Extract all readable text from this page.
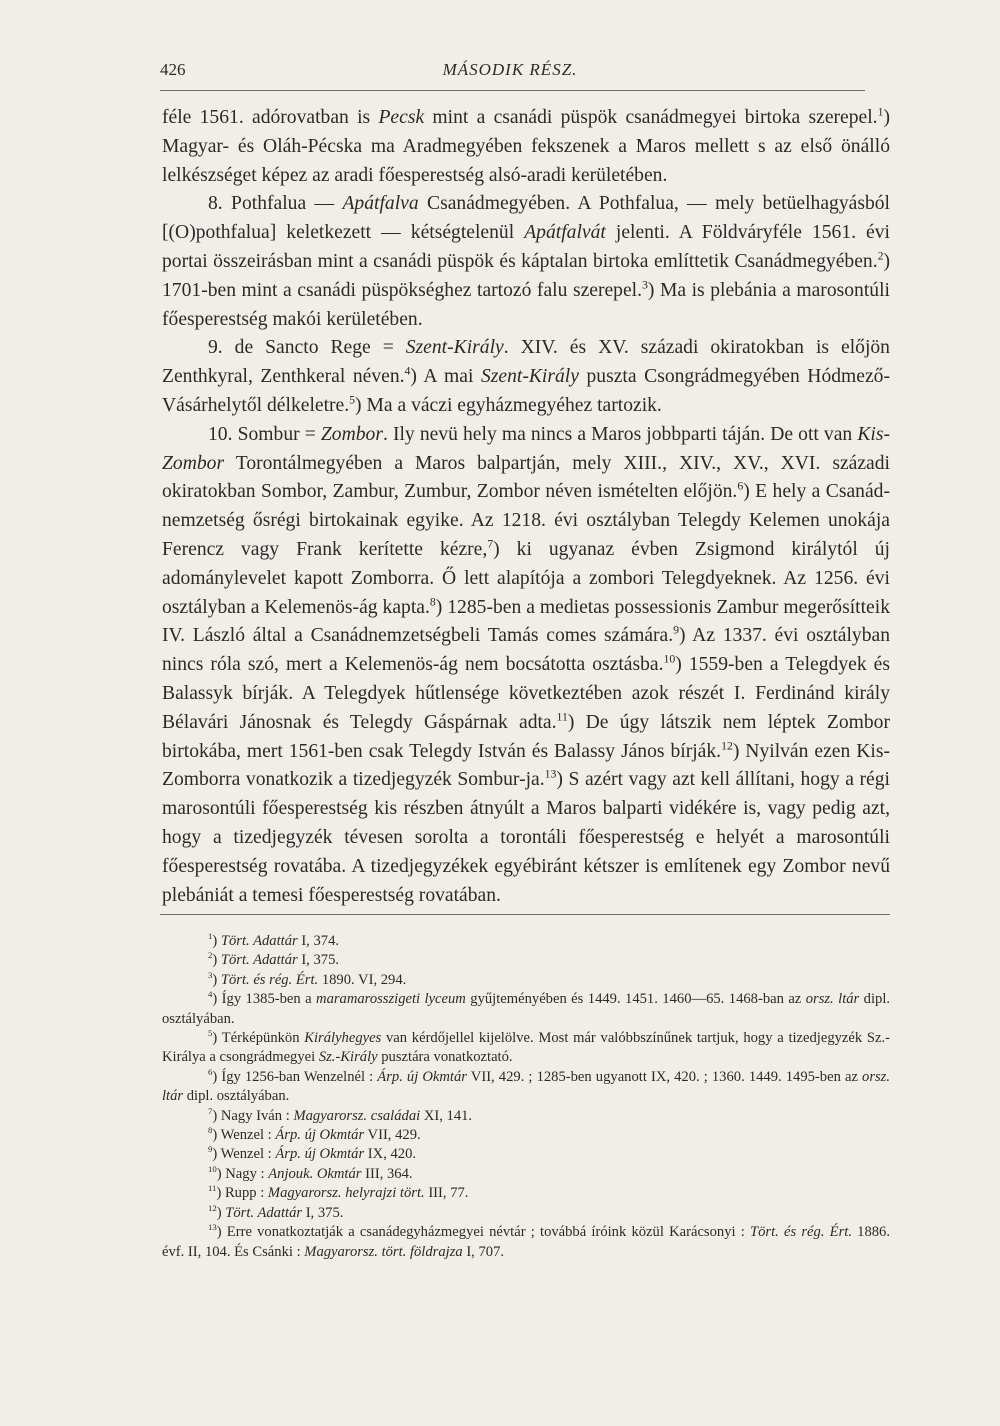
426	MÁSODIK RÉSZ.

féle 1561. adórovatban is Pecsk mint a csanádi püspök csanádmegyei birtoka szerepel.$^1$) Magyar- és Oláh-Pécska ma Aradmegyében fekszenek a Maros mellett s az első önálló lelkészséget képez az aradi főesperestség alsó-aradi kerületében.

8. Pothfalua — Apátfalva Csanádmegyében. A Pothfalua, — mely betüelhagyásból [(O)pothfalua] keletkezett — kétségtelenül Apátfalvát jelenti. A Földváryféle 1561. évi portai összeirásban mint a csanádi püspök és káptalan birtoka említtetik Csanádmegyében.$^2$) 1701-ben mint a csanádi püspökséghez tartozó falu szerepel.$^3$) Ma is plebánia a marosontúli főesperestség makói kerületében.

9. de Sancto Rege = Szent-Király. XIV. és XV. századi okiratokban is előjön Zenthkyral, Zenthkeral néven.$^4$) A mai Szent-Király puszta Csongrádmegyében Hódmező-Vásárhelytől délkeletre.$^5$) Ma a váczi egyházmegyéhez tartozik.

10. Sombur = Zombor. Ily nevü hely ma nincs a Maros jobbparti táján. De ott van Kis-Zombor Torontálmegyében a Maros balpartján, mely XIII., XIV., XV., XVI. századi okiratokban Sombor, Zambur, Zumbur, Zombor néven ismételten előjön.$^6$) E hely a Csanád-nemzetség ősrégi birtokainak egyike. Az 1218. évi osztályban Telegdy Kelemen unokája Ferencz vagy Frank kerítette kézre,$^7$) ki ugyanaz évben Zsigmond királytól új adománylevelet kapott Zomborra. Ő lett alapítója a zombori Telegdyeknek. Az 1256. évi osztályban a Kelemenös-ág kapta.$^8$) 1285-ben a medietas possessionis Zambur megerősítteik IV. László által a Csanádnemzetségbeli Tamás comes számára.$^9$) Az 1337. évi osztályban nincs róla szó, mert a Kelemenös-ág nem bocsátotta osztásba.$^{10}$) 1559-ben a Telegdyek és Balassyk bírják. A Telegdyek hűtlensége következtében azok részét I. Ferdinánd király Bélavári Jánosnak és Telegdy Gáspárnak adta.$^{11}$) De úgy látszik nem léptek Zombor birtokába, mert 1561-ben csak Telegdy István és Balassy János bírják.$^{12}$) Nyilván ezen Kis-Zomborra vonatkozik a tizedjegyzék Sombur-ja.$^{13}$) S azért vagy azt kell állítani, hogy a régi marosontúli főesperestség kis részben átnyúlt a Maros balparti vidékére is, vagy pedig azt, hogy a tizedjegyzék tévesen sorolta a torontáli főesperestség e helyét a marosontúli főesperestség rovatába. A tizedjegyzékek egyébiránt kétszer is említenek egy Zombor nevű plebániát a temesi főesperestség rovatában.

$^1$) Tört. Adattár I, 374.

$^2$) Tört. Adattár I, 375.

$^3$) Tört. és rég. Ért. 1890. VI, 294.

$^4$) Így 1385-ben a maramarosszigeti lyceum gyűjteményében és 1449. 1451. 1460—65. 1468-ban az orsz. ltár dipl. osztályában.

$^5$) Térképünkön Királyhegyes van kérdőjellel kijelölve. Most már valóbbszínűnek tartjuk, hogy a tizedjegyzék Sz.-Királya a csongrádmegyei Sz.-Király pusztára vonatkoztató.

$^6$) Így 1256-ban Wenzelnél : Árp. új Okmtár VII, 429. ; 1285-ben ugyanott IX, 420. ; 1360. 1449. 1495-ben az orsz. ltár dipl. osztályában.

$^7$) Nagy Iván : Magyarorsz. családai XI, 141.

$^8$) Wenzel : Árp. új Okmtár VII, 429.

$^9$) Wenzel : Árp. új Okmtár IX, 420.

$^{10}$) Nagy : Anjouk. Okmtár III, 364.

$^{11}$) Rupp : Magyarorsz. helyrajzi tört. III, 77.

$^{12}$) Tört. Adattár I, 375.

$^{13}$) Erre vonatkoztatják a csanádegyházmegyei névtár ; továbbá íróink közül Karácsonyi : Tört. és rég. Ért. 1886. évf. II, 104. És Csánki : Magyarorsz. tört. földrajza I, 707.
